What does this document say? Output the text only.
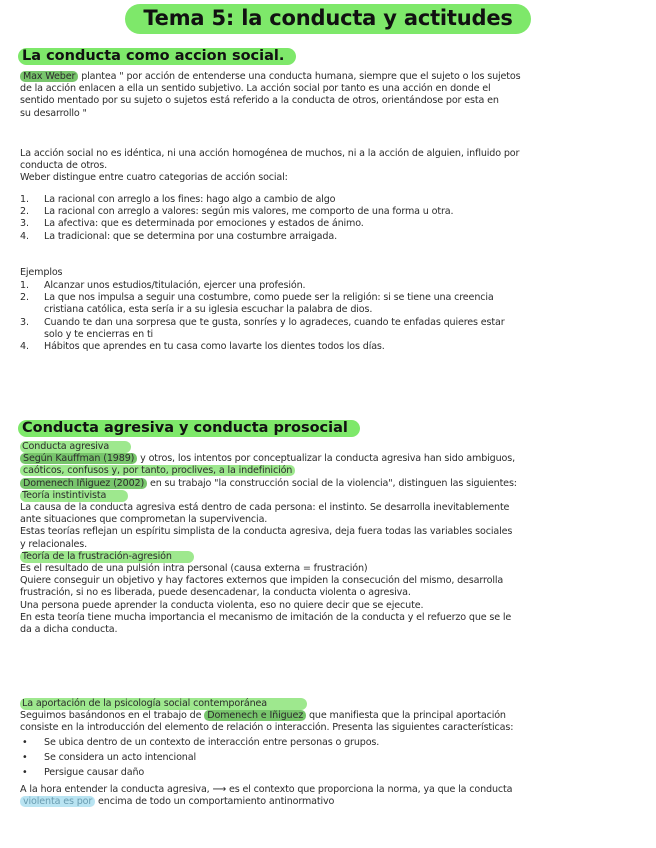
Tema 5: la conducta y actitudes
La conducta como accion social.
Max Weber plantea " por acción de entenderse una conducta humana, siempre que el sujeto o los sujetos
de la acción enlacen a ella un sentido subjetivo. La acción social por tanto es una acción en donde el
sentido mentado por su sujeto o sujetos está referido a la conducta de otros, orientándose por esta en
su desarrollo "
La acción social no es idéntica, ni una acción homogénea de muchos, ni a la acción de alguien, influido por
conducta de otros.
Weber distingue entre cuatro categorias de acción social:
1. La racional con arreglo a los fines: hago algo a cambio de algo
2. La racional con arreglo a valores: según mis valores, me comporto de una forma u otra.
3. La afectiva: que es determinada por emociones y estados de ánimo.
4. La tradicional: que se determina por una costumbre arraigada.
Ejemplos
1. Alcanzar unos estudios/titulación, ejercer una profesión.
2. La que nos impulsa a seguir una costumbre, como puede ser la religión: si se tiene una creencia
cristiana católica, esta sería ir a su iglesia escuchar la palabra de dios.
3. Cuando te dan una sorpresa que te gusta, sonríes y lo agradeces, cuando te enfadas quieres estar
solo y te encierras en ti
4. Hábitos que aprendes en tu casa como lavarte los dientes todos los días.
Conducta agresiva y conducta prosocial
Conducta agresiva
Según Kauffman (1989) y otros, los intentos por conceptualizar la conducta agresiva han sido ambiguos,
caóticos, confusos y, por tanto, proclives, a la indefinición
Domenech Iñiguez (2002) en su trabajo "la construcción social de la violencia", distinguen las siguientes:
Teoría instintivista
La causa de la conducta agresiva está dentro de cada persona: el instinto. Se desarrolla inevitablemente
ante situaciones que comprometan la supervivencia.
Estas teorías reflejan un espíritu simplista de la conducta agresiva, deja fuera todas las variables sociales
y relacionales.
Teoría de la frustración-agresión
Es el resultado de una pulsión intra personal (causa externa = frustración)
Quiere conseguir un objetivo y hay factores externos que impiden la consecución del mismo, desarrolla
frustración, si no es liberada, puede desencadenar, la conducta violenta o agresiva.
Una persona puede aprender la conducta violenta, eso no quiere decir que se ejecute.
En esta teoría tiene mucha importancia el mecanismo de imitación de la conducta y el refuerzo que se le
da a dicha conducta.
La aportación de la psicología social contemporánea
Seguimos basándonos en el trabajo de Domenech e Iñiguez que manifiesta que la principal aportación
consiste en la introducción del elemento de relación o interacción. Presenta las siguientes características:
• Se ubica dentro de un contexto de interacción entre personas o grupos.
• Se considera un acto intencional
• Persigue causar daño
A la hora entender la conducta agresiva, ⟶ es el contexto que proporciona la norma, ya que la conducta
violenta es por encima de todo un comportamiento antinormativo
